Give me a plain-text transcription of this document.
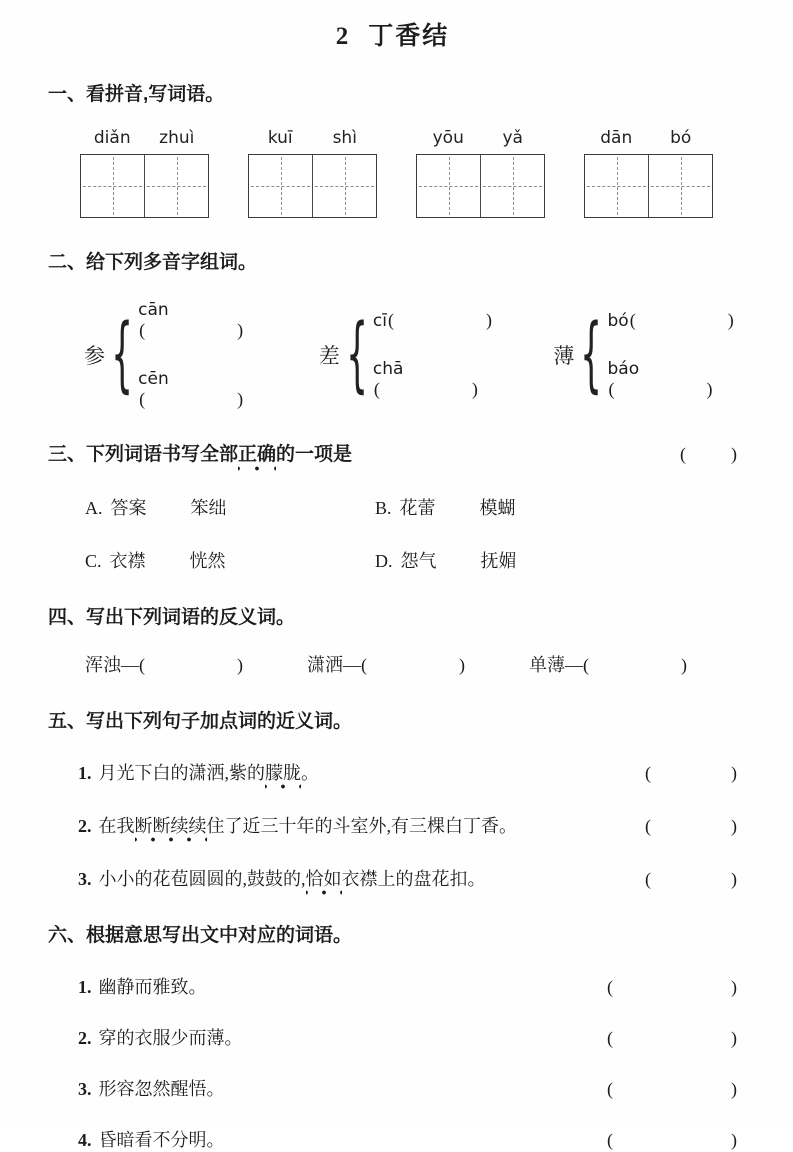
2 丁香结
一、看拼音,写词语。
diǎn	zhuì	kuī	shì	yōu	yǎ	dān	bó
二、给下列多音字组词。
参 { cān
(	)
cēn
(	)
差 { cī (	)
chā
(	)
薄 { bó (	)
báo
(	)
三、下列词语书写全部正确的一项是	(	)
A. 答案 笨绌	B. 花蕾 模蝴
C. 衣襟 恍然	D. 怨气 抚媚
四、写出下列词语的反义词。
浑浊— (	)	潇洒— (	)	单薄— (	)
五、写出下列句子加点词的近义词。
1. 月光下白的潇洒,紫的朦胧。	(	)
2. 在我断断续续住了近三十年的斗室外,有三棵白丁香。	(	)
3. 小小的花苞圆圆的,鼓鼓的,恰如衣襟上的盘花扣。	(	)
六、根据意思写出文中对应的词语。
1. 幽静而雅致。	(	)
2. 穿的衣服少而薄。	(	)
3. 形容忽然醒悟。	(	)
4. 昏暗看不分明。	(	)
